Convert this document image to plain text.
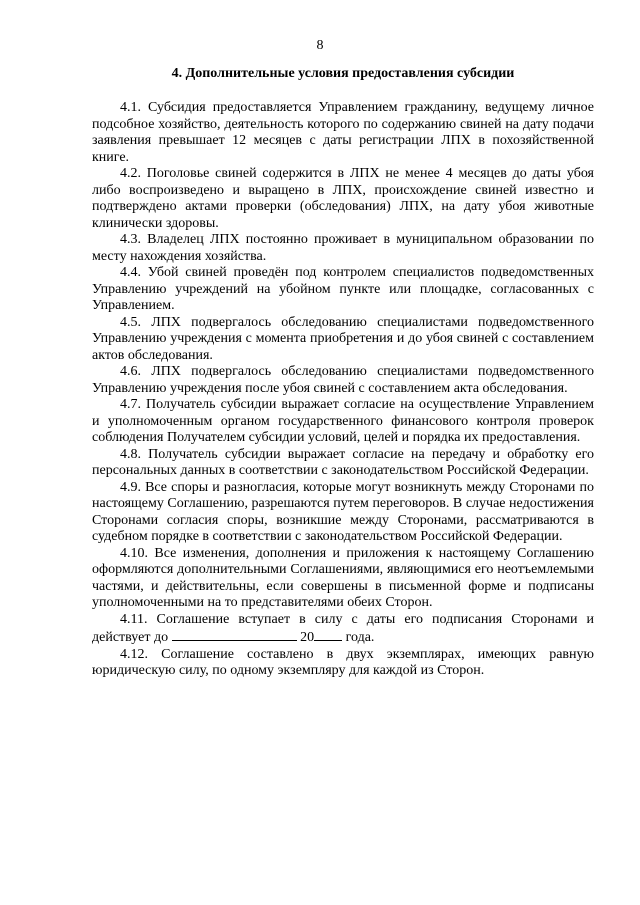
8
4. Дополнительные условия предоставления субсидии

4.1. Субсидия предоставляется Управлением гражданину, ведущему личное подсобное хозяйство, деятельность которого по содержанию свиней на дату подачи заявления превышает 12 месяцев с даты регистрации ЛПХ в похозяйственной книге.

4.2. Поголовье свиней содержится в ЛПХ не менее 4 месяцев до даты убоя либо воспроизведено и выращено в ЛПХ, происхождение свиней известно и подтверждено актами проверки (обследования) ЛПХ, на дату убоя животные клинически здоровы.

4.3. Владелец ЛПХ постоянно проживает в муниципальном образовании по месту нахождения хозяйства.

4.4. Убой свиней проведён под контролем специалистов подведомственных Управлению учреждений на убойном пункте или площадке, согласованных с Управлением.

4.5. ЛПХ подвергалось обследованию специалистами подведомственного Управлению учреждения с момента приобретения и до убоя свиней с составлением актов обследования.

4.6. ЛПХ подвергалось обследованию специалистами подведомственного Управлению учреждения после убоя свиней с составлением акта обследования.

4.7. Получатель субсидии выражает согласие на осуществление Управлением и уполномоченным органом государственного финансового контроля проверок соблюдения Получателем субсидии условий, целей и порядка их предоставления.

4.8. Получатель субсидии выражает согласие на передачу и обработку его персональных данных в соответствии с законодательством Российской Федерации.

4.9. Все споры и разногласия, которые могут возникнуть между Сторонами по настоящему Соглашению, разрешаются путем переговоров. В случае недостижения Сторонами согласия споры, возникшие между Сторонами, рассматриваются в судебном порядке в соответствии с законодательством Российской Федерации.

4.10. Все изменения, дополнения и приложения к настоящему Соглашению оформляются дополнительными Соглашениями, являющимися его неотъемлемыми частями, и действительны, если совершены в письменной форме и подписаны уполномоченными на то представителями обеих Сторон.

4.11. Соглашение вступает в силу с даты его подписания Сторонами и действует до	20 года.

4.12. Соглашение составлено в двух экземплярах, имеющих равную юридическую силу, по одному экземпляру для каждой из Сторон.
